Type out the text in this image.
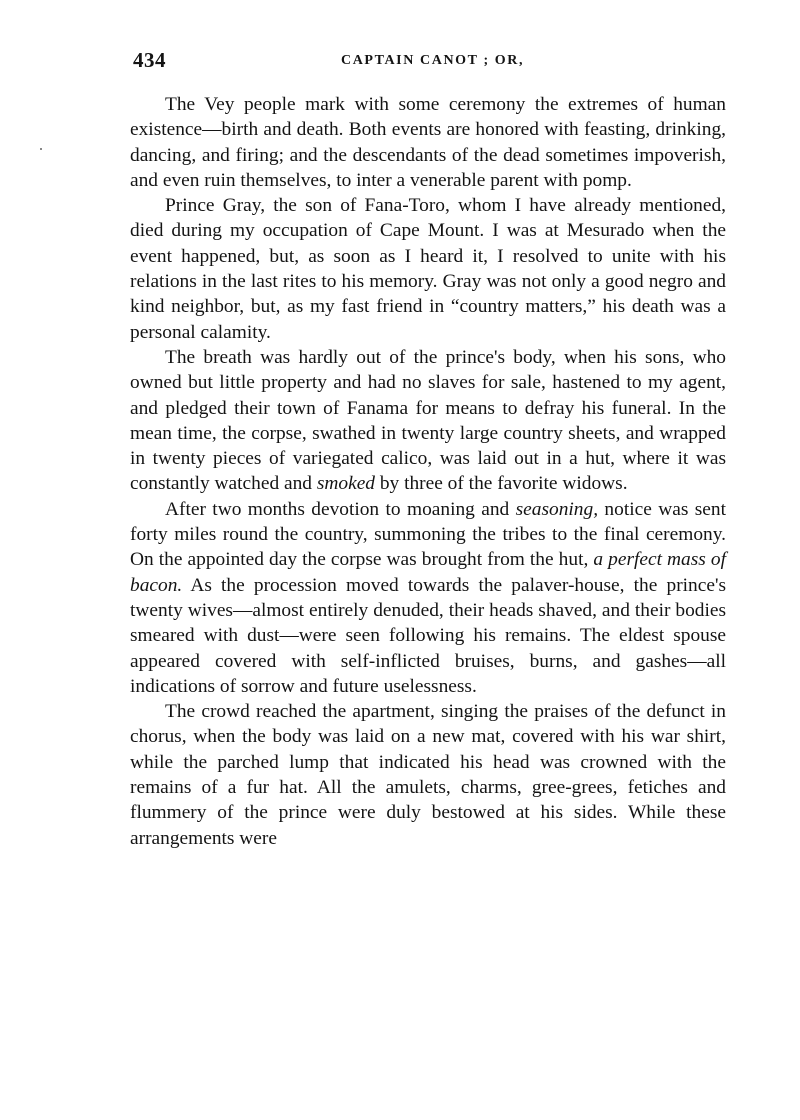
434	CAPTAIN CANOT ; OR,

The Vey people mark with some ceremony the extremes of human existence—birth and death. Both events are honored with feasting, drinking, dancing, and firing; and the descendants of the dead sometimes impoverish, and even ruin themselves, to inter a venerable parent with pomp.

Prince Gray, the son of Fana-Toro, whom I have already mentioned, died during my occupation of Cape Mount. I was at Mesurado when the event happened, but, as soon as I heard it, I resolved to unite with his relations in the last rites to his memory. Gray was not only a good negro and kind neighbor, but, as my fast friend in “country matters,” his death was a personal calamity.

The breath was hardly out of the prince's body, when his sons, who owned but little property and had no slaves for sale, hastened to my agent, and pledged their town of Fanama for means to defray his funeral. In the mean time, the corpse, swathed in twenty large country sheets, and wrapped in twenty pieces of variegated calico, was laid out in a hut, where it was constantly watched and smoked by three of the favorite widows.

After two months devotion to moaning and seasoning, notice was sent forty miles round the country, summoning the tribes to the final ceremony. On the appointed day the corpse was brought from the hut, a perfect mass of bacon. As the procession moved towards the palaver-house, the prince's twenty wives—almost entirely denuded, their heads shaved, and their bodies smeared with dust—were seen following his remains. The eldest spouse appeared covered with self-inflicted bruises, burns, and gashes—all indications of sorrow and future uselessness.

The crowd reached the apartment, singing the praises of the defunct in chorus, when the body was laid on a new mat, covered with his war shirt, while the parched lump that indicated his head was crowned with the remains of a fur hat. All the amulets, charms, gree-grees, fetiches and flummery of the prince were duly bestowed at his sides. While these arrangements were
